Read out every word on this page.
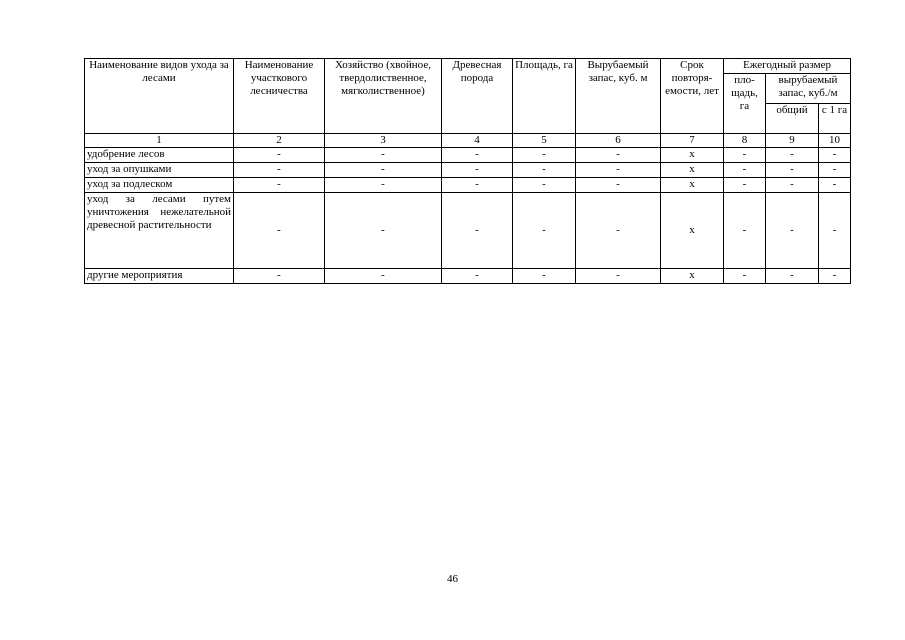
Наименование видов ухода за лесами	Наименование участкового лесничества	Хозяйство (хвойное, твердолиственное, мягколиственное)	Древесная порода	Площадь, га	Вырубаемый запас, куб. м	Срок повторя-емости, лет	Ежегодный размер		
							пло-щадь, га	вырубаемый запас, куб./м	
								общий	с 1 га
1	2	3	4	5	6	7	8	9	10
удобрение лесов	-	-	-	-	-	х	-	-	-
уход за опушками	-	-	-	-	-	х	-	-	-
уход за подлеском	-	-	-	-	-	х	-	-	-
уход за лесами путем уничтожения нежелательной древесной растительности	-	-	-	-	-	х	-	-	-
другие мероприятия	-	-	-	-	-	х	-	-	-
46
